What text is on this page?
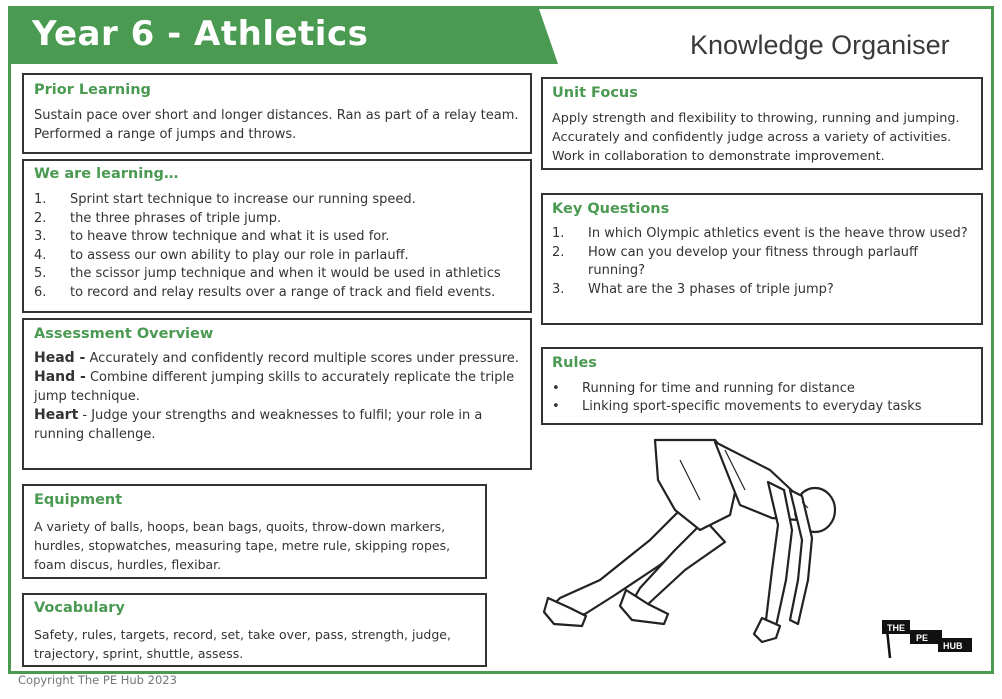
Year 6 - Athletics	Knowledge Organiser
Prior Learning
Sustain pace over short and longer distances. Ran as part of a relay team. Performed a range of jumps and throws.
We are learning…
1.	Sprint start technique to increase our running speed.
2.	the three phrases of triple jump.
3.	to heave throw technique and what it is used for.
4.	to assess our own ability to play our role in parlauff.
5.	the scissor jump technique and when it would be used in athletics
6.	to record and relay results over a range of track and field events.
Assessment Overview
Head - Accurately and confidently record multiple scores under pressure.
Hand - Combine different jumping skills to accurately replicate the triple jump technique.
Heart - Judge your strengths and weaknesses to fulfil; your role in a running challenge.
Equipment
A variety of balls, hoops, bean bags, quoits, throw-down markers, hurdles, stopwatches, measuring tape, metre rule, skipping ropes, foam discus, hurdles, flexibar.
Vocabulary
Safety, rules, targets, record, set, take over, pass, strength, judge, trajectory, sprint, shuttle, assess.
Unit Focus
Apply strength and flexibility to throwing, running and jumping. Accurately and confidently judge across a variety of activities. Work in collaboration to demonstrate improvement.
Key Questions
1.	In which Olympic athletics event is the heave throw used?
2.	How can you develop your fitness through parlauff running?
3.	What are the 3 phases of triple jump?
Rules
•	Running for time and running for distance
•	Linking sport-specific movements to everyday tasks
THE
PE
HUB
Copyright The PE Hub 2023
